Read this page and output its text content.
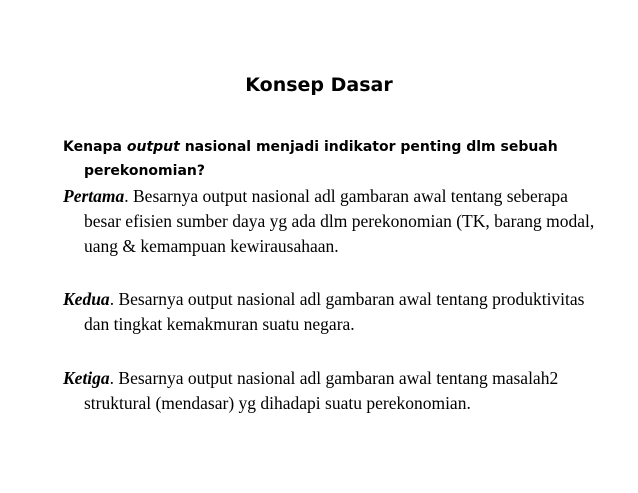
Konsep Dasar
Kenapa output nasional menjadi indikator penting dlm sebuah perekonomian?
Pertama. Besarnya output nasional adl gambaran awal tentang seberapa besar efisien sumber daya yg ada dlm perekonomian (TK, barang modal, uang & kemampuan kewirausahaan.
Kedua. Besarnya output nasional adl gambaran awal tentang produktivitas dan tingkat kemakmuran suatu negara.
Ketiga. Besarnya output nasional adl gambaran awal tentang masalah2 struktural (mendasar) yg dihadapi suatu perekonomian.
